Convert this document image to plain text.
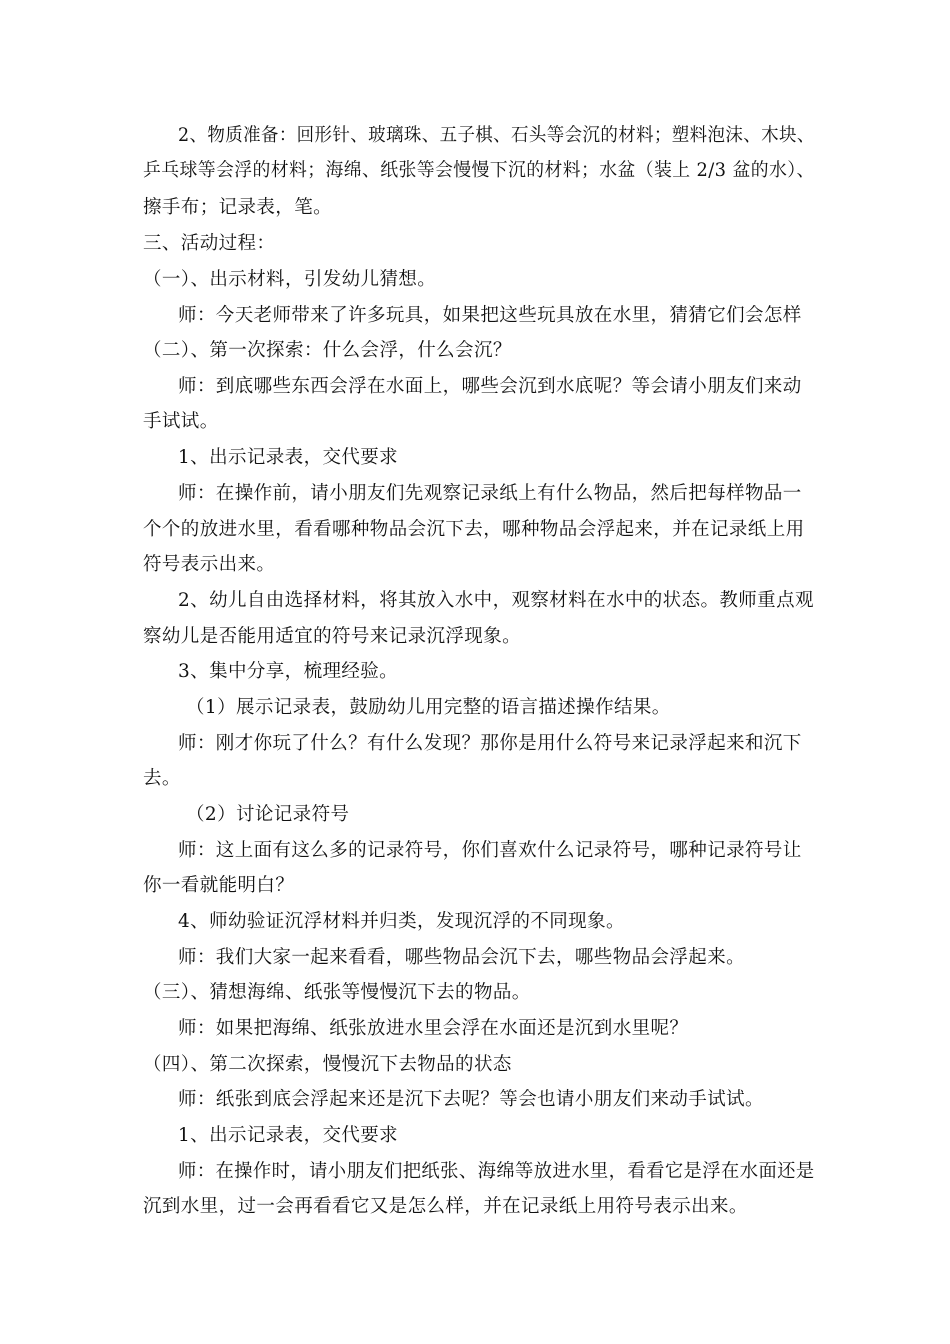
2、物质准备：回形针、玻璃珠、五子棋、石头等会沉的材料；塑料泡沫、木块、
乒乓球等会浮的材料；海绵、纸张等会慢慢下沉的材料；水盆（装上 2/3 盆的水）、
擦手布；记录表，笔。
三、活动过程：
（一）、出示材料，引发幼儿猜想。
师：今天老师带来了许多玩具，如果把这些玩具放在水里，猜猜它们会怎样
（二）、第一次探索：什么会浮，什么会沉？
师：到底哪些东西会浮在水面上，哪些会沉到水底呢？等会请小朋友们来动
手试试。
1、出示记录表，交代要求
师：在操作前，请小朋友们先观察记录纸上有什么物品，然后把每样物品一
个个的放进水里，看看哪种物品会沉下去，哪种物品会浮起来，并在记录纸上用
符号表示出来。
2、幼儿自由选择材料，将其放入水中，观察材料在水中的状态。教师重点观
察幼儿是否能用适宜的符号来记录沉浮现象。
3、集中分享，梳理经验。
（1）展示记录表，鼓励幼儿用完整的语言描述操作结果。
师：刚才你玩了什么？有什么发现？那你是用什么符号来记录浮起来和沉下
去。
（2）讨论记录符号
师：这上面有这么多的记录符号，你们喜欢什么记录符号，哪种记录符号让
你一看就能明白？
4、师幼验证沉浮材料并归类，发现沉浮的不同现象。
师：我们大家一起来看看，哪些物品会沉下去，哪些物品会浮起来。
（三）、猜想海绵、纸张等慢慢沉下去的物品。
师：如果把海绵、纸张放进水里会浮在水面还是沉到水里呢？
（四）、第二次探索，慢慢沉下去物品的状态
师：纸张到底会浮起来还是沉下去呢？等会也请小朋友们来动手试试。
1、出示记录表，交代要求
师：在操作时，请小朋友们把纸张、海绵等放进水里，看看它是浮在水面还是
沉到水里，过一会再看看它又是怎么样，并在记录纸上用符号表示出来。
